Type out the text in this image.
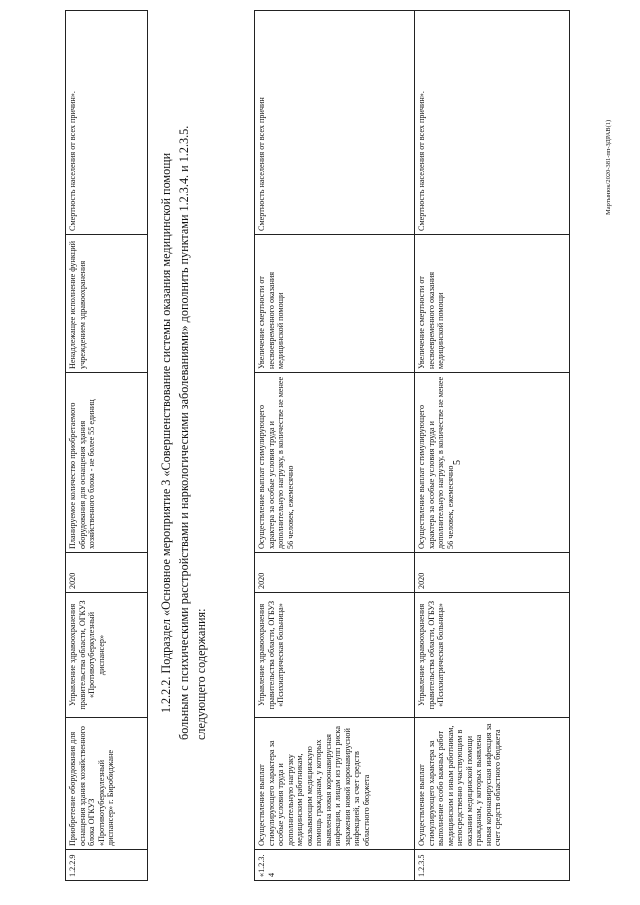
1.2.2.9	Приобретение оборудования для оснащения здания хозяйственного блока ОГКУЗ «Противотуберкулезный диспансер» г. Биробиджане	Управление здравоохранения правительства области, ОГКУЗ «Противотуберкулезный диспансер»	2020	Планируемое количество приобретаемого оборудования для оснащения здания хозяйственного блока - не более 55 единиц	Ненадлежащее исполнение функций учреждением здравоохранения	Смертность населения от всех причин».	1.2.2.2. Подраздел «Основное мероприятие 3 «Совершенствование системы оказания медицинской помощи больным с психическими расстройствами и наркологическими заболеваниями» дополнить пунктами 1.2.3.4. и 1.2.3.5. следующего содержания:

«1.2.3.4	Осуществление выплат стимулирующего характера за особые условия труда и дополнительную нагрузку медицинским работникам, оказывающим медицинскую помощь гражданам, у которых выявлена новая коронавирусная инфекция, и лицам из групп риска заражения новой коронавирусной инфекцией, за счет средств областного бюджета	Управление здравоохранения правительства области, ОГБУЗ «Психиатрическая больница»	2020	Осуществление выплат стимулирующего характера за особые условия труда и дополнительную нагрузку, в количестве не менее 56 человек, ежемесячно	Увеличение смертности от несвоевременного оказания медицинской помощи	Смертность населения от всех причин
1.2.3.5	Осуществление выплат стимулирующего характера за выполнение особо важных работ медицинским и иным работникам, непосредственно участвующим в оказании медицинской помощи гражданам, у которых выявлена новая коронавирусная инфекция за счет средств областного бюджета	Управление здравоохранения правительства области, ОГБУЗ «Психиатрическая больница»	2020	Осуществление выплат стимулирующего характера за особые условия труда и дополнительную нагрузку, в количестве не менее 56 человек, ежемесячно	Увеличение смертности от несвоевременного оказания медицинской помощи	Смертность населения от всех причин».
5
Мартынюк/2020-381-пп-ЗДРАВ(1)
